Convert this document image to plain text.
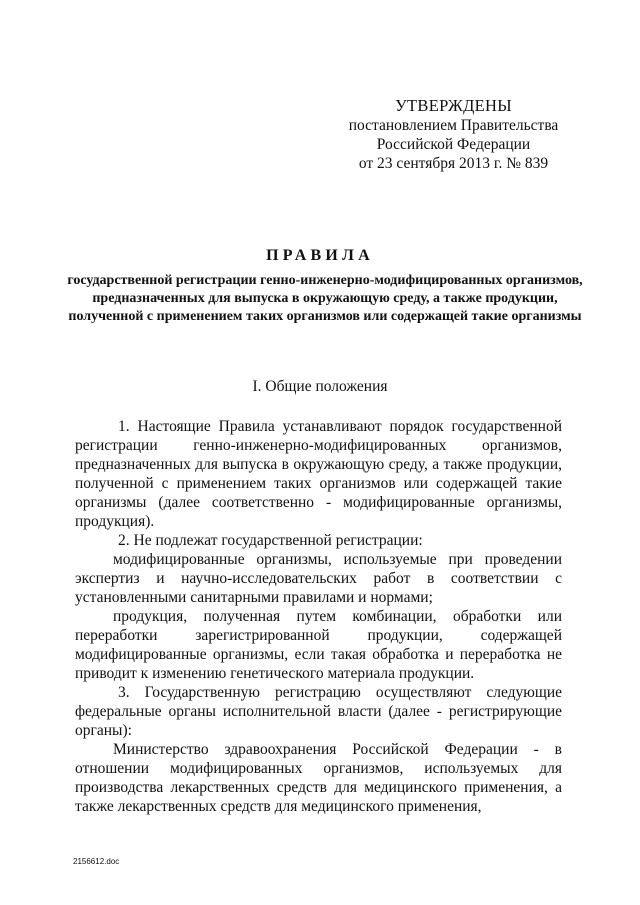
УТВЕРЖДЕНЫ
постановлением Правительства
Российской Федерации
от 23 сентября 2013 г. № 839
ПРАВИЛА
государственной регистрации генно-инженерно-модифицированных организмов, предназначенных для выпуска в окружающую среду, а также продукции, полученной с применением таких организмов или содержащей такие организмы
I. Общие положения

1. Настоящие Правила устанавливают порядок государственной регистрации генно-инженерно-модифицированных организмов, предназначенных для выпуска в окружающую среду, а также продукции, полученной с применением таких организмов или содержащей такие организмы (далее соответственно - модифицированные организмы, продукция).

2. Не подлежат государственной регистрации:

модифицированные организмы, используемые при проведении экспертиз и научно-исследовательских работ в соответствии с установленными санитарными правилами и нормами;

продукция, полученная путем комбинации, обработки или переработки зарегистрированной продукции, содержащей модифицированные организмы, если такая обработка и переработка не приводит к изменению генетического материала продукции.

3. Государственную регистрацию осуществляют следующие федеральные органы исполнительной власти (далее - регистрирующие органы):

Министерство здравоохранения Российской Федерации - в отношении модифицированных организмов, используемых для производства лекарственных средств для медицинского применения, а также лекарственных средств для медицинского применения,

2156612.doc
